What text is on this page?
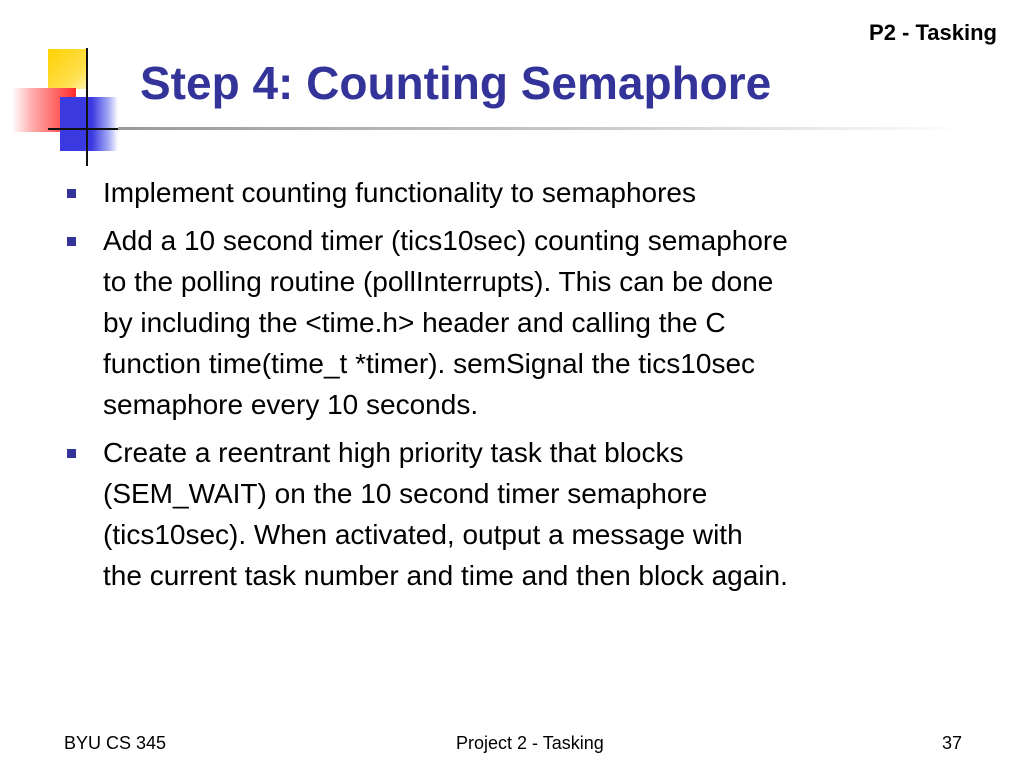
P2 - Tasking
Step 4: Counting Semaphore
Implement counting functionality to semaphores
Add a 10 second timer (tics10sec) counting semaphore
to the polling routine (pollInterrupts). This can be done
by including the <time.h> header and calling the C
function time(time_t *timer). semSignal the tics10sec
semaphore every 10 seconds.
Create a reentrant high priority task that blocks
(SEM_WAIT) on the 10 second timer semaphore
(tics10sec). When activated, output a message with
the current task number and time and then block again.
BYU CS 345	Project 2 - Tasking	37
